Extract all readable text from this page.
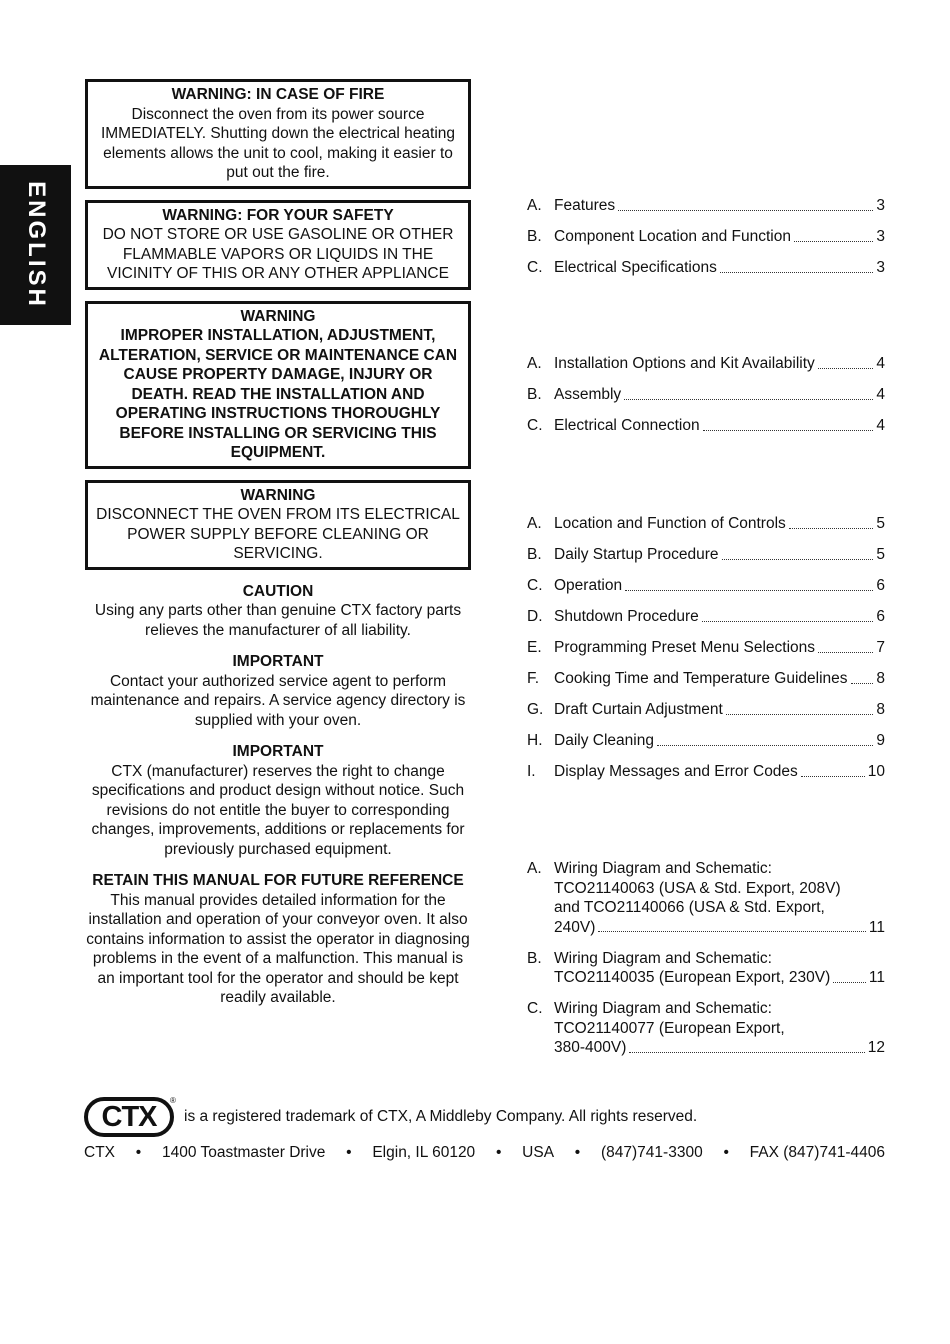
ENGLISH
WARNING: IN CASE OF FIRE
Disconnect the oven from its power source IMMEDIATELY. Shutting down the electrical heating elements allows the unit to cool, making it easier to put out the fire.
WARNING: FOR YOUR SAFETY
DO NOT STORE OR USE GASOLINE OR OTHER FLAMMABLE VAPORS OR LIQUIDS IN THE VICINITY OF THIS OR ANY OTHER APPLIANCE
WARNING
IMPROPER INSTALLATION, ADJUSTMENT, ALTERATION, SERVICE OR MAINTENANCE CAN CAUSE PROPERTY DAMAGE, INJURY OR DEATH. READ THE INSTALLATION AND OPERATING INSTRUCTIONS THOROUGHLY BEFORE INSTALLING OR SERVICING THIS EQUIPMENT.
WARNING
DISCONNECT THE OVEN FROM ITS ELECTRICAL POWER SUPPLY BEFORE CLEANING OR SERVICING.
CAUTION
Using any parts other than genuine CTX factory parts relieves the manufacturer of all liability.
IMPORTANT
Contact your authorized service agent to perform maintenance and repairs. A service agency directory is supplied with your oven.
IMPORTANT
CTX (manufacturer) reserves the right to change specifications and product design without notice. Such revisions do not entitle the buyer to corresponding changes, improvements, additions or replacements for previously purchased equipment.
RETAIN THIS MANUAL FOR FUTURE REFERENCE
This manual provides detailed information for the installation and operation of your conveyor oven. It also contains information to assist the operator in diagnosing problems in the event of a malfunction. This manual is an important tool for the operator and should be kept readily available.
A. Features	3
B. Component Location and Function	3
C. Electrical Specifications	3
A. Installation Options and Kit Availability	4
B. Assembly	4
C. Electrical Connection	4
A. Location and Function of Controls	5
B. Daily Startup Procedure	5
C. Operation	6
D. Shutdown Procedure	6
E. Programming Preset Menu Selections	7
F. Cooking Time and Temperature Guidelines 8
G. Draft Curtain Adjustment	8
H. Daily Cleaning	9
I.	Display Messages and Error Codes	10
A. Wiring Diagram and Schematic:
TCO21140063 (USA & Std. Export, 208V)
and TCO21140066 (USA & Std. Export,
240V)	11
B. Wiring Diagram and Schematic:
TCO21140035 (European Export, 230V) 11
C. Wiring Diagram and Schematic:
TCO21140077 (European Export,
380-400V)	12
CTX ®
is a registered trademark of CTX, A Middleby Company. All rights reserved.
CTX • 1400 Toastmaster Drive • Elgin, IL 60120 • USA • (847)741-3300 • FAX (847)741-4406
